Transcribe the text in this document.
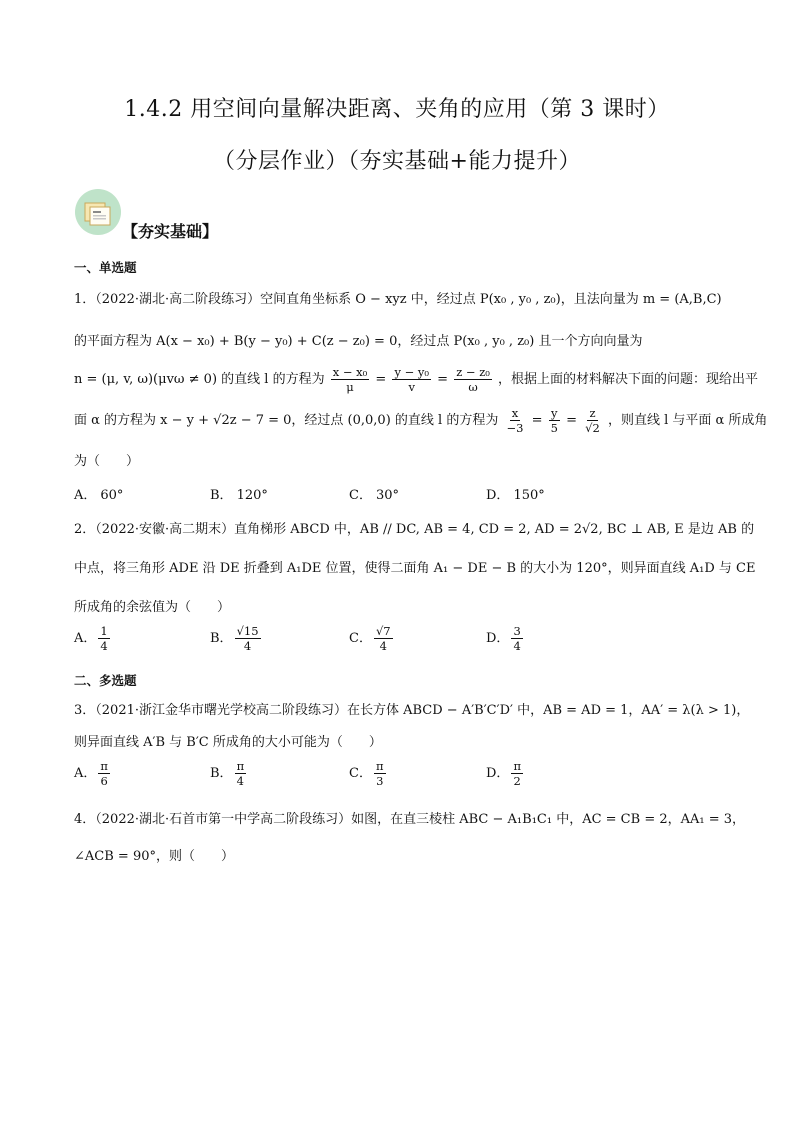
1.4.2 用空间向量解决距离、夹角的应用（第 3 课时）
（分层作业）（夯实基础+能力提升）
【夯实基础】
一、单选题
1．（2022·湖北·高二阶段练习）空间直角坐标系 O − xyz 中，经过点 P(x₀ , y₀ , z₀)，且法向量为 m = (A,B,C)
的平面方程为 A(x − x₀) + B(y − y₀) + C(z − z₀) = 0，经过点 P(x₀ , y₀ , z₀) 且一个方向向量为
n = (μ, v, ω)(μvω ≠ 0) 的直线 l 的方程为 $\frac{\text{x − x₀}}{\mu} = \frac{\text{y − y₀}}{v} = \frac{\text{z − z₀}}{\omega}$ ，根据上面的材料解决下面的问题：现给出平
面 α 的方程为 x − y + √2z − 7 = 0，经过点 (0,0,0) 的直线 l 的方程为 $\frac{x}{-3} = \frac{y}{5} = \frac{z}{√2}$ ，则直线 l 与平面 α 所成角
为（　　）
A． 60°	B． 120°	C． 30°	D． 150°
2．（2022·安徽·高二期末）直角梯形 ABCD 中，AB // DC, AB = 4, CD = 2, AD = 2√2, BC ⊥ AB, E 是边 AB 的
中点，将三角形 ADE 沿 DE 折叠到 A₁DE 位置，使得二面角 A₁ − DE − B 的大小为 120°，则异面直线 A₁D 与 CE
所成角的余弦值为（　　）
A． $\frac{1}{4}$	B． $\frac{√15}{4}$	C． $\frac{√7}{4}$	D． $\frac{3}{4}$
二、多选题
3．（2021·浙江金华市曙光学校高二阶段练习）在长方体 ABCD − A′B′C′D′ 中，AB = AD = 1，AA′ = λ(λ > 1)，
则异面直线 A′B 与 B′C 所成角的大小可能为（　　）
A． $\frac{\pi}{6}$	B． $\frac{\pi}{4}$	C． $\frac{\pi}{3}$	D． $\frac{\pi}{2}$
4．（2022·湖北·石首市第一中学高二阶段练习）如图，在直三棱柱 ABC − A₁B₁C₁ 中，AC = CB = 2，AA₁ = 3，
∠ACB = 90°，则（　　）
